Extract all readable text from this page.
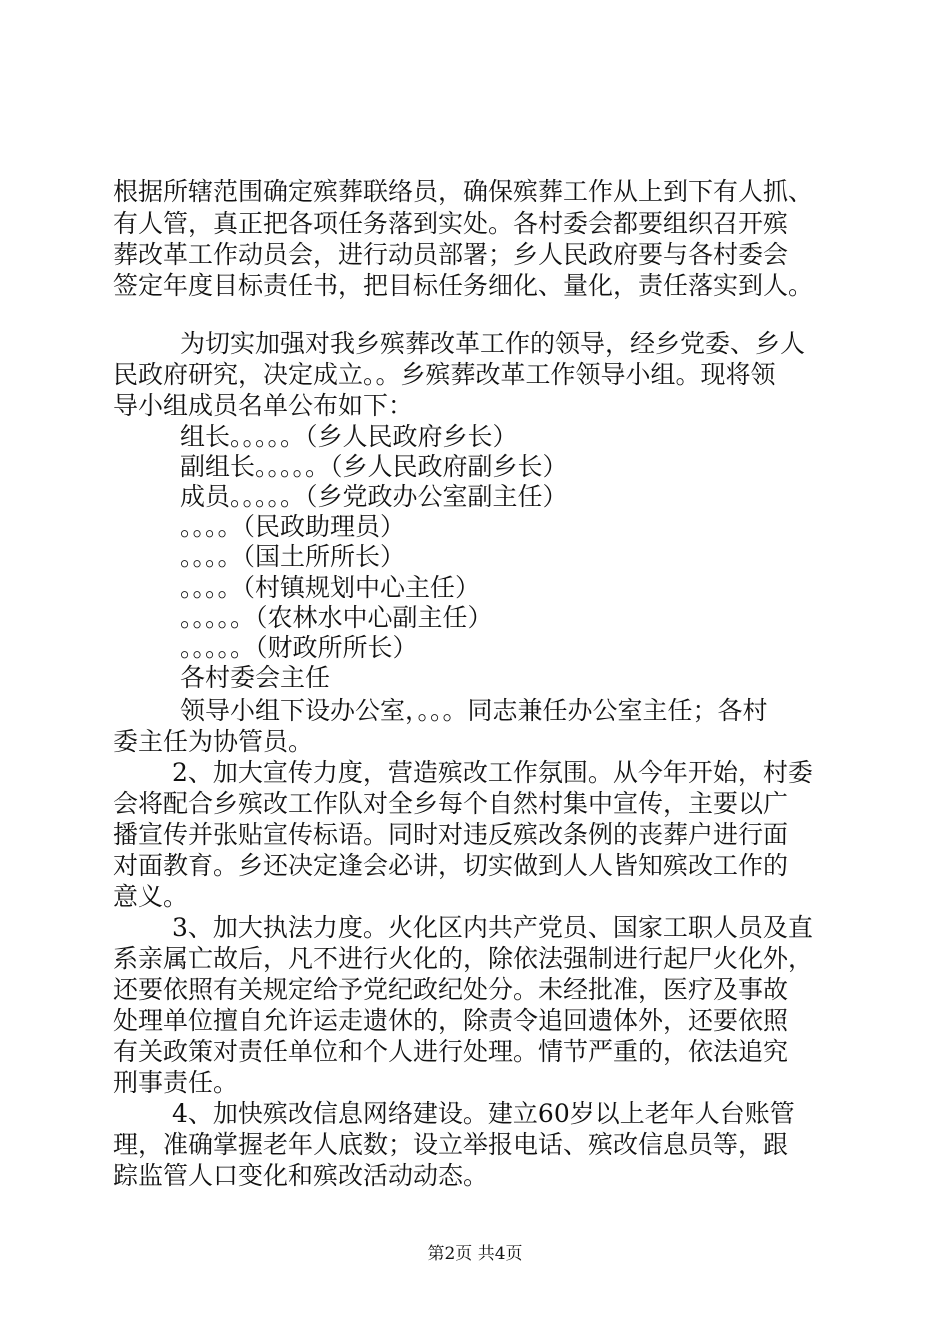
根据所辖范围确定殡葬联络员，确保殡葬工作从上到下有人抓、
有人管，真正把各项任务落到实处。各村委会都要组织召开殡
葬改革工作动员会，进行动员部署；乡人民政府要与各村委会
签定年度目标责任书，把目标任务细化、量化，责任落实到人。
为切实加强对我乡殡葬改革工作的领导，经乡党委、乡人
民政府研究，决定成立。。乡殡葬改革工作领导小组。现将领
导小组成员名单公布如下：
组长。。。。。（乡人民政府乡长）
副组长。。。。。（乡人民政府副乡长）
成员。。。。。（乡党政办公室副主任）
。。。。（民政助理员）
。。。。（国土所所长）
。。。。（村镇规划中心主任）
。。。。。（农林水中心副主任）
。。。。。（财政所所长）
各村委会主任
领导小组下设办公室，。。。同志兼任办公室主任；各村
委主任为协管员。
2、加大宣传力度，营造殡改工作氛围。从今年开始，村委
会将配合乡殡改工作队对全乡每个自然村集中宣传，主要以广
播宣传并张贴宣传标语。同时对违反殡改条例的丧葬户进行面
对面教育。乡还决定逢会必讲，切实做到人人皆知殡改工作的
意义。
3、加大执法力度。火化区内共产党员、国家工职人员及直
系亲属亡故后，凡不进行火化的，除依法强制进行起尸火化外，
还要依照有关规定给予党纪政纪处分。未经批准，医疗及事故
处理单位擅自允许运走遗休的，除责令追回遗体外，还要依照
有关政策对责任单位和个人进行处理。情节严重的，依法追究
刑事责任。
4、加快殡改信息网络建设。建立60岁以上老年人台账管
理，准确掌握老年人底数；设立举报电话、殡改信息员等，跟
踪监管人口变化和殡改活动动态。
第2页 共4页
